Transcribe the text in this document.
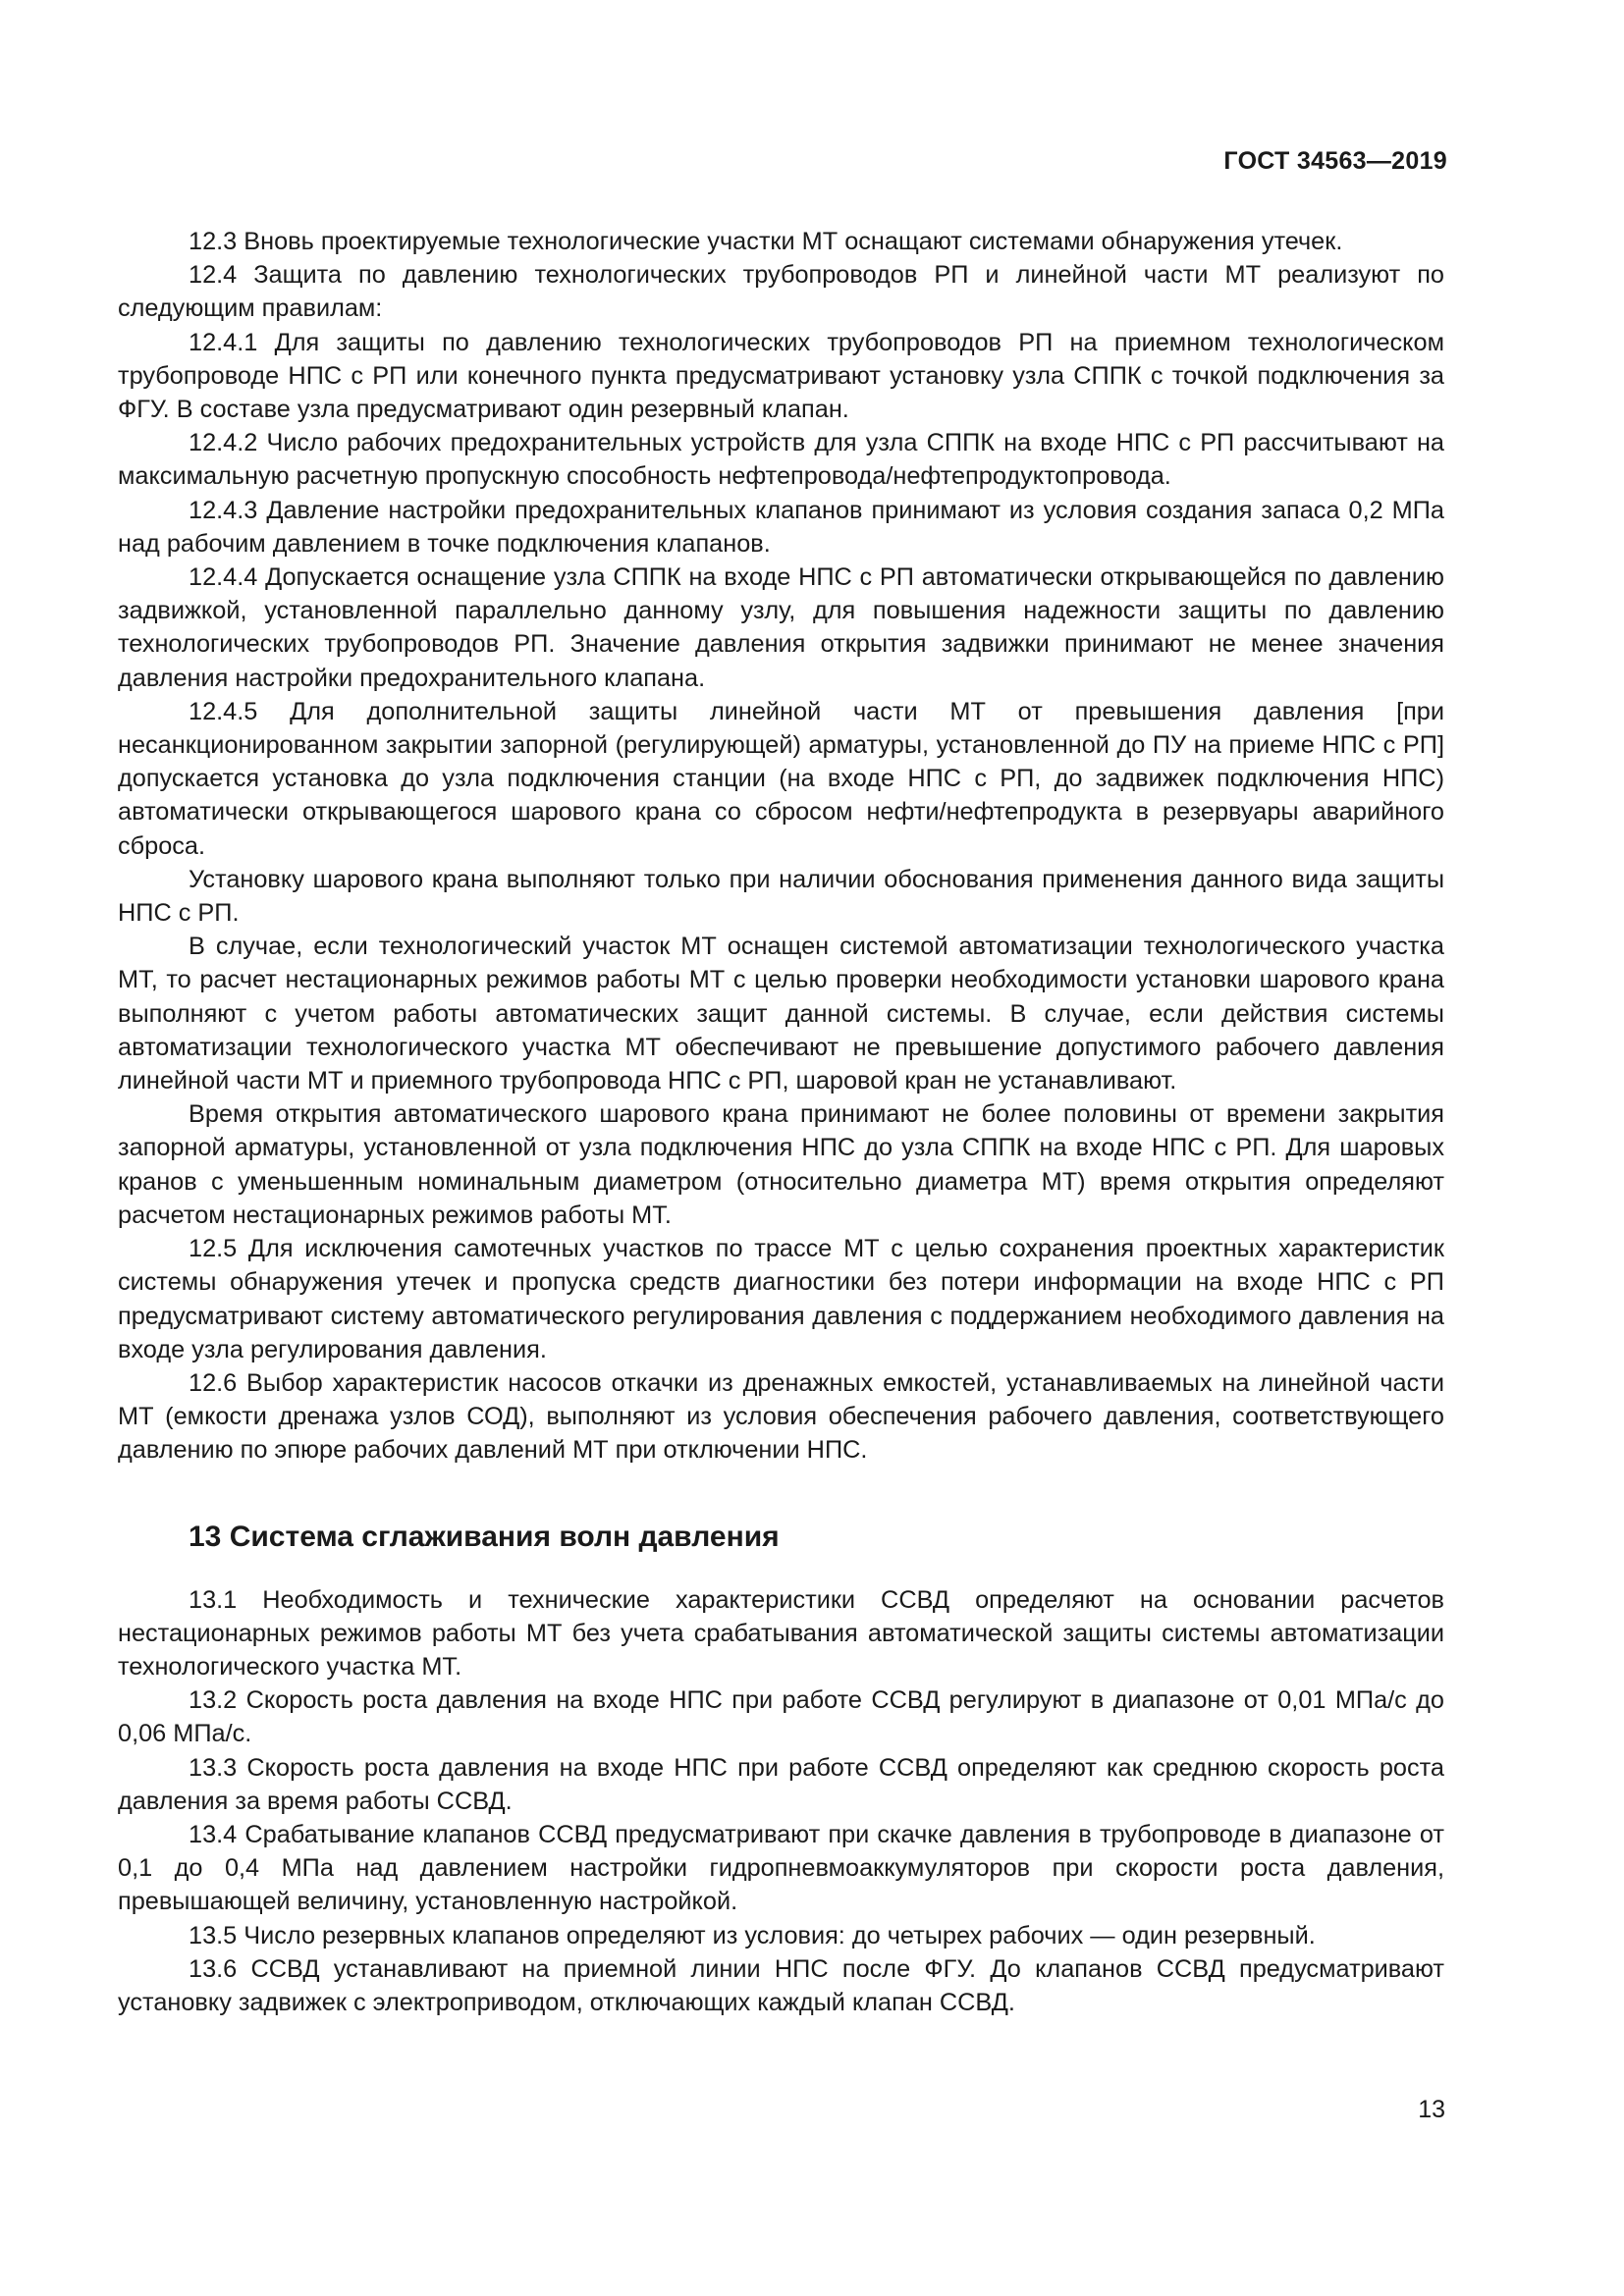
ГОСТ 34563—2019

12.3 Вновь проектируемые технологические участки МТ оснащают системами обнаружения утечек.

12.4 Защита по давлению технологических трубопроводов РП и линейной части МТ реализуют по следующим правилам:

12.4.1 Для защиты по давлению технологических трубопроводов РП на приемном технологическом трубопроводе НПС с РП или конечного пункта предусматривают установку узла СППК с точкой подключения за ФГУ. В составе узла предусматривают один резервный клапан.

12.4.2 Число рабочих предохранительных устройств для узла СППК на входе НПС с РП рассчитывают на максимальную расчетную пропускную способность нефтепровода/нефтепродуктопровода.

12.4.3 Давление настройки предохранительных клапанов принимают из условия создания запаса 0,2 МПа над рабочим давлением в точке подключения клапанов.

12.4.4 Допускается оснащение узла СППК на входе НПС с РП автоматически открывающейся по давлению задвижкой, установленной параллельно данному узлу, для повышения надежности защиты по давлению технологических трубопроводов РП. Значение давления открытия задвижки принимают не менее значения давления настройки предохранительного клапана.

12.4.5 Для дополнительной защиты линейной части МТ от превышения давления [при несанкционированном закрытии запорной (регулирующей) арматуры, установленной до ПУ на приеме НПС с РП] допускается установка до узла подключения станции (на входе НПС с РП, до задвижек подключения НПС) автоматически открывающегося шарового крана со сбросом нефти/нефтепродукта в резервуары аварийного сброса.

Установку шарового крана выполняют только при наличии обоснования применения данного вида защиты НПС с РП.

В случае, если технологический участок МТ оснащен системой автоматизации технологического участка МТ, то расчет нестационарных режимов работы МТ с целью проверки необходимости установки шарового крана выполняют с учетом работы автоматических защит данной системы. В случае, если действия системы автоматизации технологического участка МТ обеспечивают не превышение допустимого рабочего давления линейной части МТ и приемного трубопровода НПС с РП, шаровой кран не устанавливают.

Время открытия автоматического шарового крана принимают не более половины от времени закрытия запорной арматуры, установленной от узла подключения НПС до узла СППК на входе НПС с РП. Для шаровых кранов с уменьшенным номинальным диаметром (относительно диаметра МТ) время открытия определяют расчетом нестационарных режимов работы МТ.

12.5 Для исключения самотечных участков по трассе МТ с целью сохранения проектных характеристик системы обнаружения утечек и пропуска средств диагностики без потери информации на входе НПС с РП предусматривают систему автоматического регулирования давления с поддержанием необходимого давления на входе узла регулирования давления.

12.6 Выбор характеристик насосов откачки из дренажных емкостей, устанавливаемых на линейной части МТ (емкости дренажа узлов СОД), выполняют из условия обеспечения рабочего давления, соответствующего давлению по эпюре рабочих давлений МТ при отключении НПС.

13 Система сглаживания волн давления

13.1 Необходимость и технические характеристики ССВД определяют на основании расчетов нестационарных режимов работы МТ без учета срабатывания автоматической защиты системы автоматизации технологического участка МТ.

13.2 Скорость роста давления на входе НПС при работе ССВД регулируют в диапазоне от 0,01 МПа/с до 0,06 МПа/с.

13.3 Скорость роста давления на входе НПС при работе ССВД определяют как среднюю скорость роста давления за время работы ССВД.

13.4 Срабатывание клапанов ССВД предусматривают при скачке давления в трубопроводе в диапазоне от 0,1 до 0,4 МПа над давлением настройки гидропневмоаккумуляторов при скорости роста давления, превышающей величину, установленную настройкой.

13.5 Число резервных клапанов определяют из условия: до четырех рабочих — один резервный.

13.6 ССВД устанавливают на приемной линии НПС после ФГУ. До клапанов ССВД предусматривают установку задвижек с электроприводом, отключающих каждый клапан ССВД.

13
